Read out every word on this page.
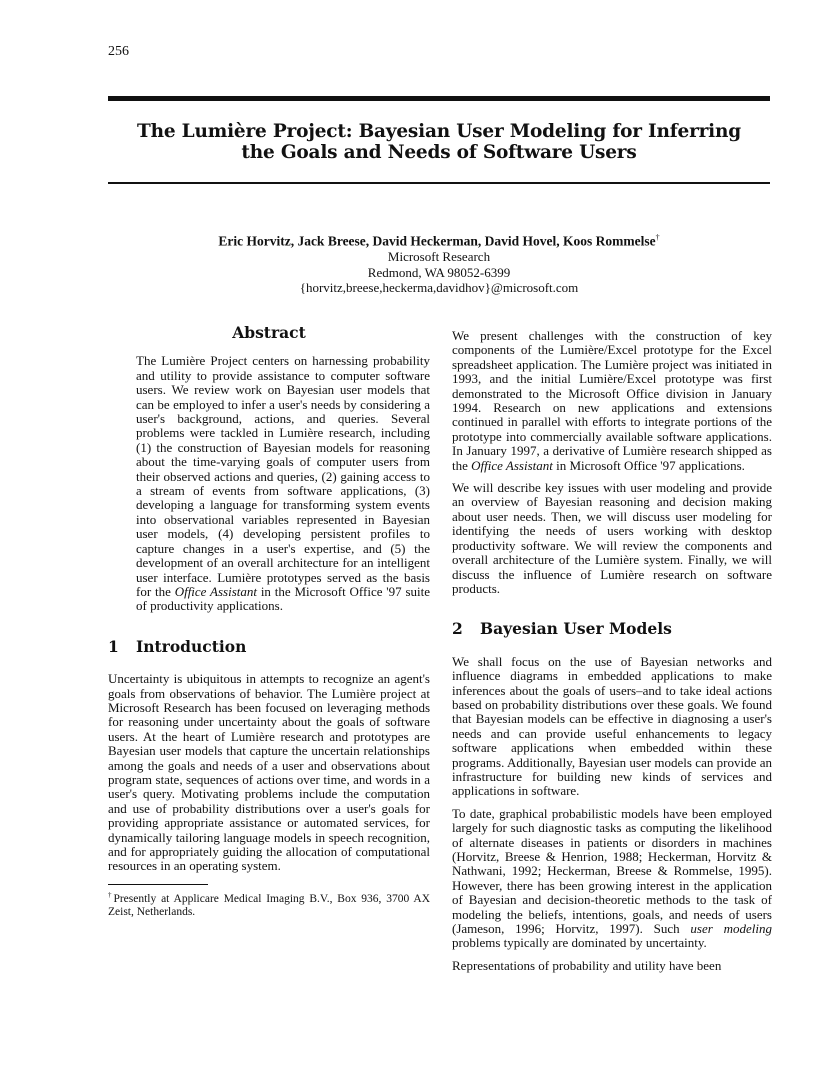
256
The Lumière Project: Bayesian User Modeling for Inferring
the Goals and Needs of Software Users
Eric Horvitz, Jack Breese, David Heckerman, David Hovel, Koos Rommelse†
Microsoft Research
Redmond, WA 98052-6399
{horvitz,breese,heckerma,davidhov}@microsoft.com
Abstract

The Lumière Project centers on harnessing probability and utility to provide assistance to computer software users. We review work on Bayesian user models that can be employed to infer a user's needs by considering a user's background, actions, and queries. Several problems were tackled in Lumière research, including (1) the construction of Bayesian models for reasoning about the time-varying goals of computer users from their observed actions and queries, (2) gaining access to a stream of events from software applications, (3) developing a language for transforming system events into observational variables represented in Bayesian user models, (4) developing persistent profiles to capture changes in a user's expertise, and (5) the development of an overall architecture for an intelligent user interface. Lumière prototypes served as the basis for the Office Assistant in the Microsoft Office '97 suite of productivity applications.

1 Introduction

Uncertainty is ubiquitous in attempts to recognize an agent's goals from observations of behavior. The Lumière project at Microsoft Research has been focused on leveraging methods for reasoning under uncertainty about the goals of software users. At the heart of Lumière research and prototypes are Bayesian user models that capture the uncertain relationships among the goals and needs of a user and observations about program state, sequences of actions over time, and words in a user's query. Motivating problems include the computation and use of probability distributions over a user's goals for providing appropriate assistance or automated services, for dynamically tailoring language models in speech recognition, and for appropriately guiding the allocation of computational resources in an operating system.

†Presently at Applicare Medical Imaging B.V., Box 936, 3700 AX Zeist, Netherlands.

We present challenges with the construction of key components of the Lumière/Excel prototype for the Excel spreadsheet application. The Lumière project was initiated in 1993, and the initial Lumière/Excel prototype was first demonstrated to the Microsoft Office division in January 1994. Research on new applications and extensions continued in parallel with efforts to integrate portions of the prototype into commercially available software applications. In January 1997, a derivative of Lumière research shipped as the Office Assistant in Microsoft Office '97 applications.

We will describe key issues with user modeling and provide an overview of Bayesian reasoning and decision making about user needs. Then, we will discuss user modeling for identifying the needs of users working with desktop productivity software. We will review the components and overall architecture of the Lumière system. Finally, we will discuss the influence of Lumière research on software products.

2 Bayesian User Models

We shall focus on the use of Bayesian networks and influence diagrams in embedded applications to make inferences about the goals of users–and to take ideal actions based on probability distributions over these goals. We found that Bayesian models can be effective in diagnosing a user's needs and can provide useful enhancements to legacy software applications when embedded within these programs. Additionally, Bayesian user models can provide an infrastructure for building new kinds of services and applications in software.

To date, graphical probabilistic models have been employed largely for such diagnostic tasks as computing the likelihood of alternate diseases in patients or disorders in machines (Horvitz, Breese & Henrion, 1988; Heckerman, Horvitz & Nathwani, 1992; Heckerman, Breese & Rommelse, 1995). However, there has been growing interest in the application of Bayesian and decision-theoretic methods to the task of modeling the beliefs, intentions, goals, and needs of users (Jameson, 1996; Horvitz, 1997). Such user modeling problems typically are dominated by uncertainty.

Representations of probability and utility have been
